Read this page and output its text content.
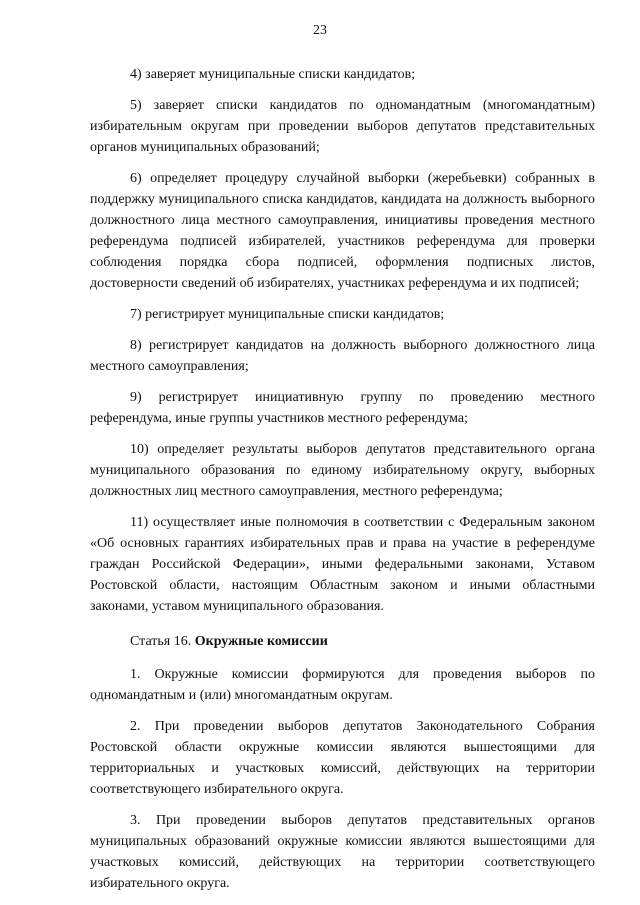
23

4) заверяет муниципальные списки кандидатов;

5) заверяет списки кандидатов по одномандатным (многомандатным) избирательным округам при проведении выборов депутатов представительных органов муниципальных образований;

6) определяет процедуру случайной выборки (жеребьевки) собранных в поддержку муниципального списка кандидатов, кандидата на должность выборного должностного лица местного самоуправления, инициативы проведения местного референдума подписей избирателей, участников референдума для проверки соблюдения порядка сбора подписей, оформления подписных листов, достоверности сведений об избирателях, участниках референдума и их подписей;

7) регистрирует муниципальные списки кандидатов;

8) регистрирует кандидатов на должность выборного должностного лица местного самоуправления;

9) регистрирует инициативную группу по проведению местного референдума, иные группы участников местного референдума;

10) определяет результаты выборов депутатов представительного органа муниципального образования по единому избирательному округу, выборных должностных лиц местного самоуправления, местного референдума;

11) осуществляет иные полномочия в соответствии с Федеральным законом «Об основных гарантиях избирательных прав и права на участие в референдуме граждан Российской Федерации», иными федеральными законами, Уставом Ростовской области, настоящим Областным законом и иными областными законами, уставом муниципального образования.

Статья 16. Окружные комиссии

1. Окружные комиссии формируются для проведения выборов по одномандатным и (или) многомандатным округам.

2. При проведении выборов депутатов Законодательного Собрания Ростовской области окружные комиссии являются вышестоящими для территориальных и участковых комиссий, действующих на территории соответствующего избирательного округа.

3. При проведении выборов депутатов представительных органов муниципальных образований окружные комиссии являются вышестоящими для участковых комиссий, действующих на территории соответствующего избирательного округа.
